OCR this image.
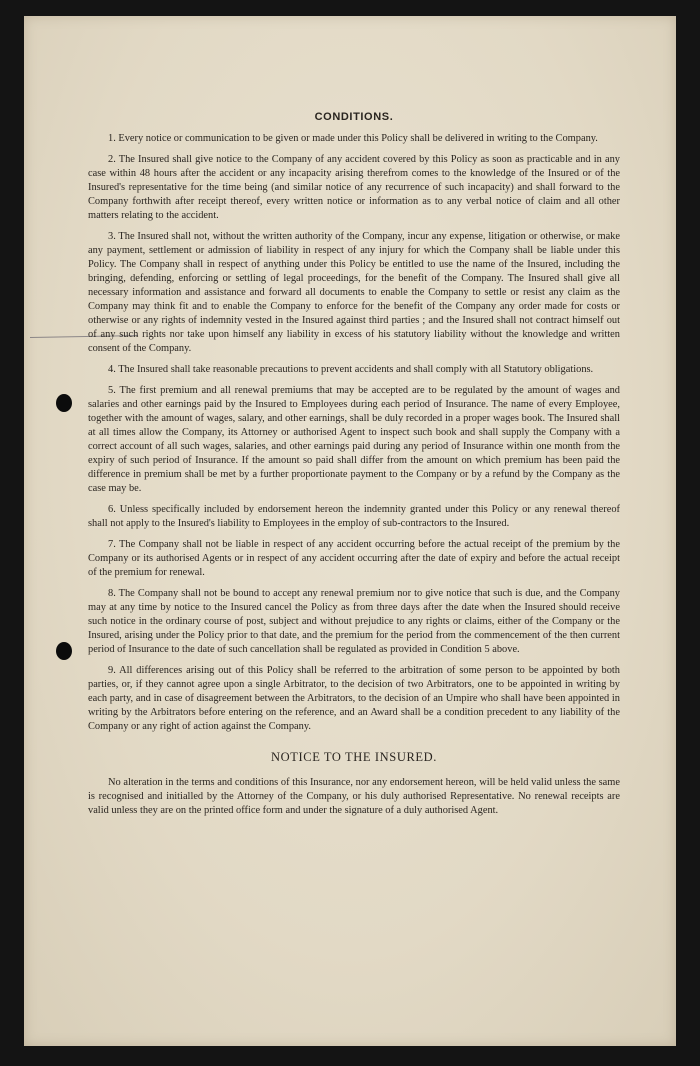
CONDITIONS.

1. Every notice or communication to be given or made under this Policy shall be delivered in writing to the Company.

2. The Insured shall give notice to the Company of any accident covered by this Policy as soon as practicable and in any case within 48 hours after the accident or any incapacity arising therefrom comes to the knowledge of the Insured or of the Insured's representative for the time being (and similar notice of any recurrence of such incapacity) and shall forward to the Company forthwith after receipt thereof, every written notice or information as to any verbal notice of claim and all other matters relating to the accident.

3. The Insured shall not, without the written authority of the Company, incur any expense, litigation or otherwise, or make any payment, settlement or admission of liability in respect of any injury for which the Company shall be liable under this Policy. The Company shall in respect of anything under this Policy be entitled to use the name of the Insured, including the bringing, defending, enforcing or settling of legal proceedings, for the benefit of the Company. The Insured shall give all necessary information and assistance and forward all documents to enable the Company to settle or resist any claim as the Company may think fit and to enable the Company to enforce for the benefit of the Company any order made for costs or otherwise or any rights of indemnity vested in the Insured against third parties ; and the Insured shall not contract himself out of any such rights nor take upon himself any liability in excess of his statutory liability without the knowledge and written consent of the Company.

4. The Insured shall take reasonable precautions to prevent accidents and shall comply with all Statutory obligations.

5. The first premium and all renewal premiums that may be accepted are to be regulated by the amount of wages and salaries and other earnings paid by the Insured to Employees during each period of Insurance. The name of every Employee, together with the amount of wages, salary, and other earnings, shall be duly recorded in a proper wages book. The Insured shall at all times allow the Company, its Attorney or authorised Agent to inspect such book and shall supply the Company with a correct account of all such wages, salaries, and other earnings paid during any period of Insurance within one month from the expiry of such period of Insurance. If the amount so paid shall differ from the amount on which premium has been paid the difference in premium shall be met by a further proportionate payment to the Company or by a refund by the Company as the case may be.

6. Unless specifically included by endorsement hereon the indemnity granted under this Policy or any renewal thereof shall not apply to the Insured's liability to Employees in the employ of sub-contractors to the Insured.

7. The Company shall not be liable in respect of any accident occurring before the actual receipt of the premium by the Company or its authorised Agents or in respect of any accident occurring after the date of expiry and before the actual receipt of the premium for renewal.

8. The Company shall not be bound to accept any renewal premium nor to give notice that such is due, and the Company may at any time by notice to the Insured cancel the Policy as from three days after the date when the Insured should receive such notice in the ordinary course of post, subject and without prejudice to any rights or claims, either of the Company or the Insured, arising under the Policy prior to that date, and the premium for the period from the commencement of the then current period of Insurance to the date of such cancellation shall be regulated as provided in Condition 5 above.

9. All differences arising out of this Policy shall be referred to the arbitration of some person to be appointed by both parties, or, if they cannot agree upon a single Arbitrator, to the decision of two Arbitrators, one to be appointed in writing by each party, and in case of disagreement between the Arbitrators, to the decision of an Umpire who shall have been appointed in writing by the Arbitrators before entering on the reference, and an Award shall be a condition precedent to any liability of the Company or any right of action against the Company.

NOTICE TO THE INSURED.

No alteration in the terms and conditions of this Insurance, nor any endorsement hereon, will be held valid unless the same is recognised and initialled by the Attorney of the Company, or his duly authorised Representative. No renewal receipts are valid unless they are on the printed office form and under the signature of a duly authorised Agent.
